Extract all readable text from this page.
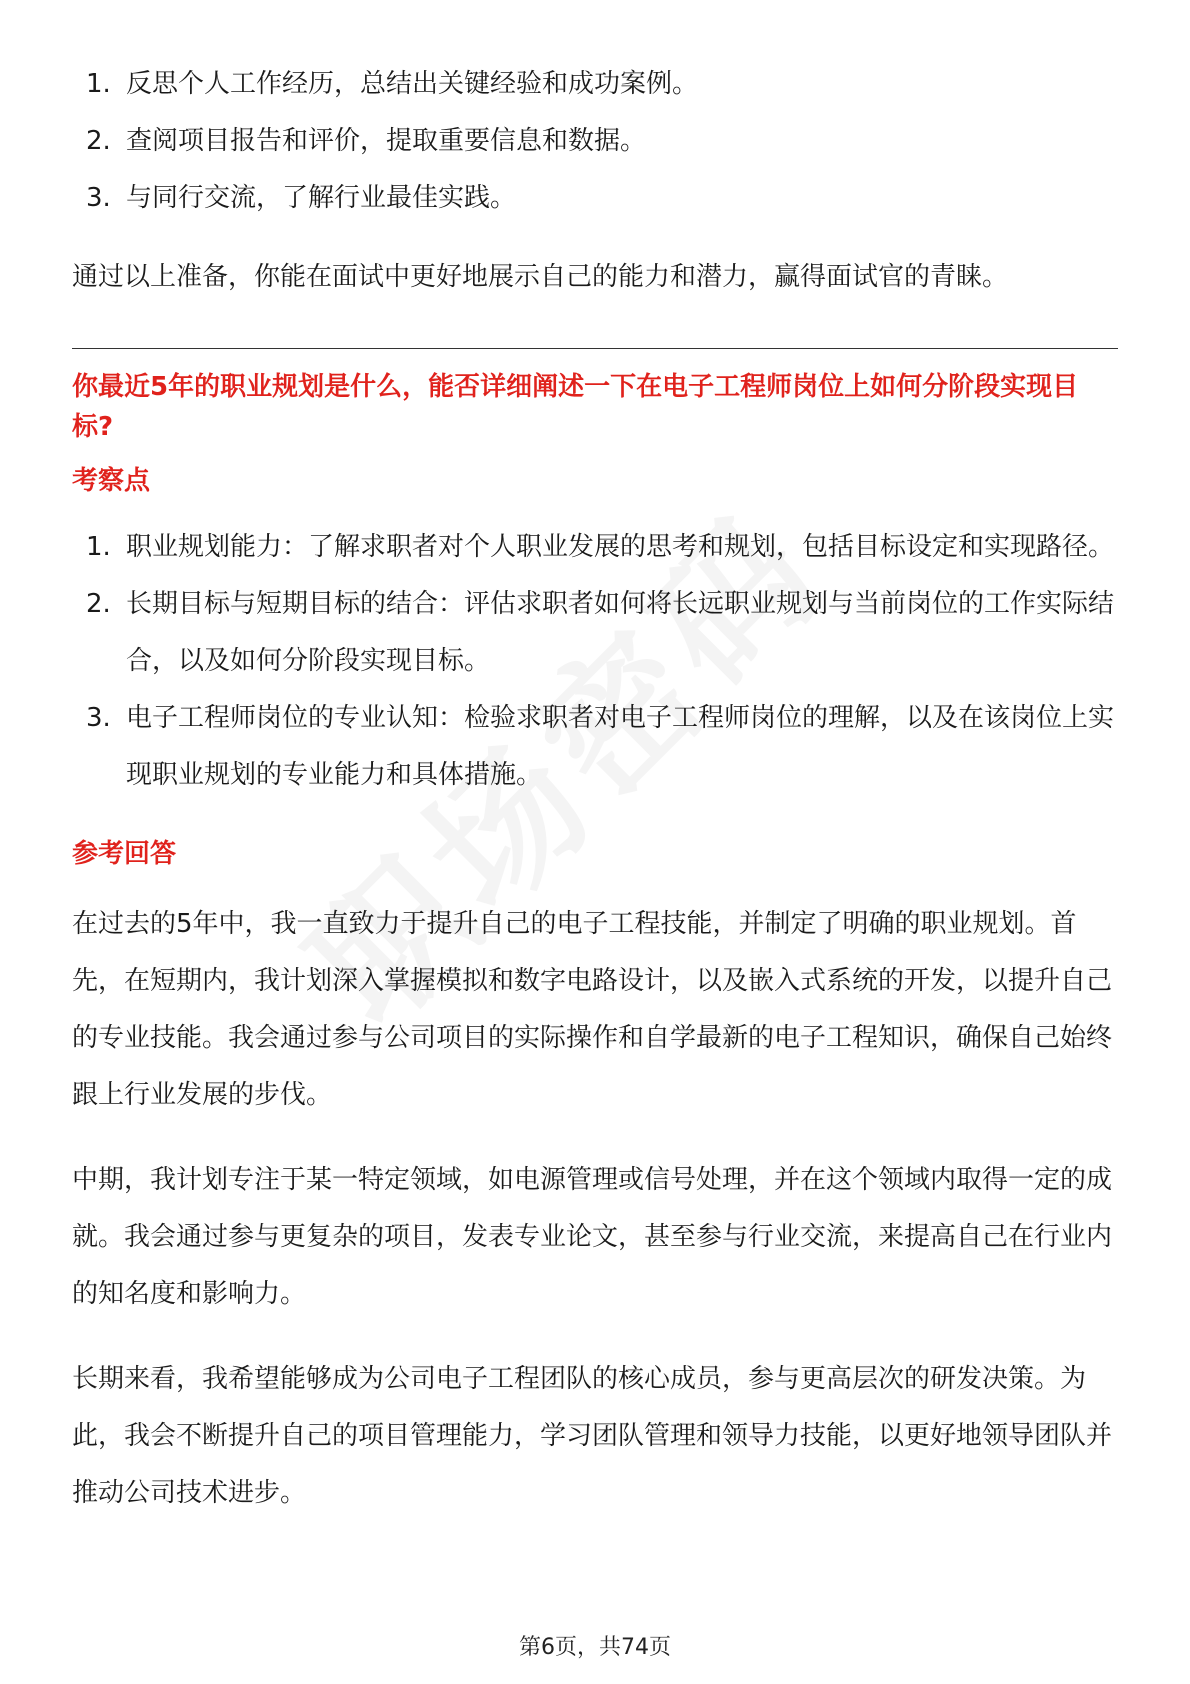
1. 反思个人工作经历，总结出关键经验和成功案例。
2. 查阅项目报告和评价，提取重要信息和数据。
3. 与同行交流，了解行业最佳实践。

通过以上准备，你能在面试中更好地展示自己的能力和潜力，赢得面试官的青睐。

你最近5年的职业规划是什么，能否详细阐述一下在电子工程师岗位上如何分阶段实现目标?

考察点

1. 职业规划能力：了解求职者对个人职业发展的思考和规划，包括目标设定和实现路径。
2. 长期目标与短期目标的结合：评估求职者如何将长远职业规划与当前岗位的工作实际结合，以及如何分阶段实现目标。
3. 电子工程师岗位的专业认知：检验求职者对电子工程师岗位的理解，以及在该岗位上实现职业规划的专业能力和具体措施。

参考回答

在过去的5年中，我一直致力于提升自己的电子工程技能，并制定了明确的职业规划。首先，在短期内，我计划深入掌握模拟和数字电路设计，以及嵌入式系统的开发，以提升自己的专业技能。我会通过参与公司项目的实际操作和自学最新的电子工程知识，确保自己始终跟上行业发展的步伐。

中期，我计划专注于某一特定领域，如电源管理或信号处理，并在这个领域内取得一定的成就。我会通过参与更复杂的项目，发表专业论文，甚至参与行业交流，来提高自己在行业内的知名度和影响力。

长期来看，我希望能够成为公司电子工程团队的核心成员，参与更高层次的研发决策。为此，我会不断提升自己的项目管理能力，学习团队管理和领导力技能，以更好地领导团队并推动公司技术进步。

第6页，共74页
